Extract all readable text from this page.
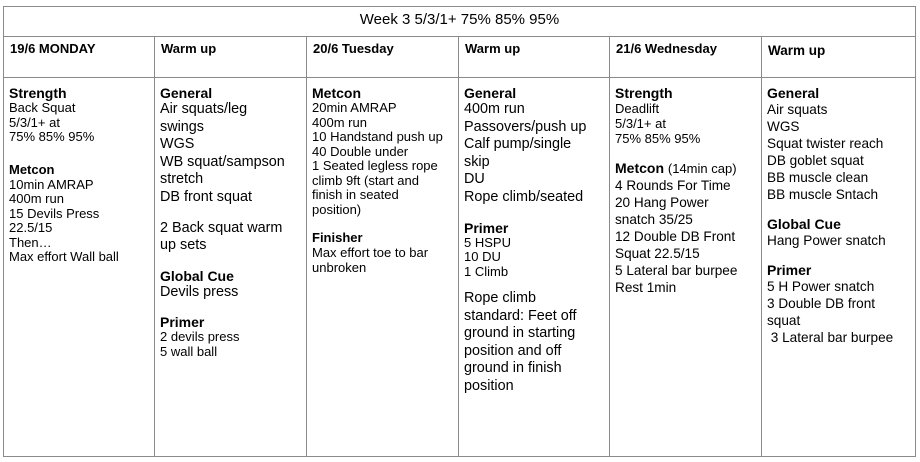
Week 3 5/3/1+ 75% 85% 95%
19/6 MONDAY
Strength
Back Squat
5/3/1+ at
75% 85% 95%
Metcon
10min AMRAP
400m run
15 Devils Press
22.5/15
Then…
Max effort Wall ball
Warm up
General
Air squats/leg
swings
WGS
WB squat/sampson
stretch
DB front squat
2 Back squat warm
up sets
Global Cue
Devils press
Primer
2 devils press
5 wall ball
20/6 Tuesday
Metcon
20min AMRAP
400m run
10 Handstand push up
40 Double under
1 Seated legless rope
climb 9ft (start and
finish in seated
position)
Finisher
Max effort toe to bar
unbroken
Warm up
General
400m run
Passovers/push up
Calf pump/single
skip
DU
Rope climb/seated
Primer
5 HSPU
10 DU
1 Climb
Rope climb
standard: Feet off
ground in starting
position and off
ground in finish
position
21/6 Wednesday
Strength
Deadlift
5/3/1+ at
75% 85% 95%
Metcon (14min cap)
4 Rounds For Time
20 Hang Power
snatch 35/25
12 Double DB Front
Squat 22.5/15
5 Lateral bar burpee
Rest 1min
Warm up
General
Air squats
WGS
Squat twister reach
DB goblet squat
BB muscle clean
BB muscle Sntach
Global Cue
Hang Power snatch
Primer
5 H Power snatch
3 Double DB front
squat
3 Lateral bar burpee
